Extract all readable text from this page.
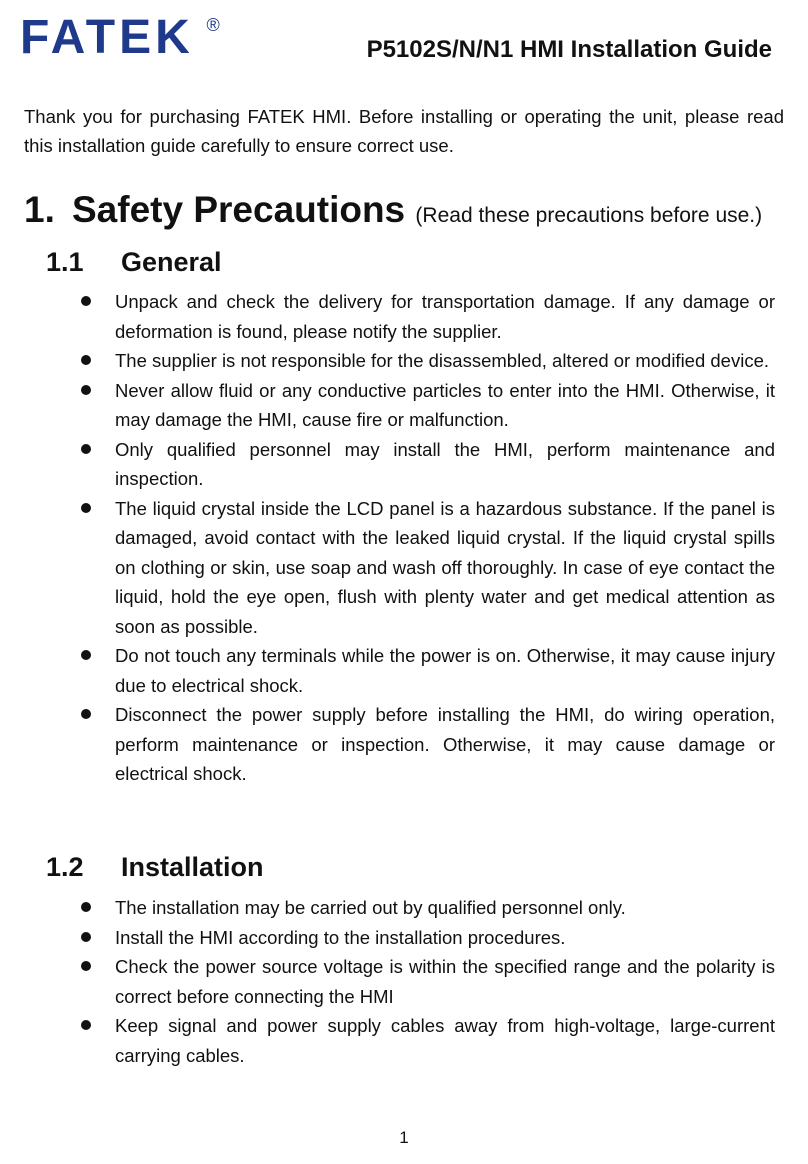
FATEK ®
P5102S/N/N1 HMI Installation Guide

Thank you for purchasing FATEK HMI. Before installing or operating the unit, please read this installation guide carefully to ensure correct use.

1. Safety Precautions (Read these precautions before use.)
1.1 General
Unpack and check the delivery for transportation damage. If any damage or deformation is found, please notify the supplier.
The supplier is not responsible for the disassembled, altered or modified device.
Never allow fluid or any conductive particles to enter into the HMI. Otherwise, it may damage the HMI, cause fire or malfunction.
Only qualified personnel may install the HMI, perform maintenance and inspection.
The liquid crystal inside the LCD panel is a hazardous substance. If the panel is damaged, avoid contact with the leaked liquid crystal. If the liquid crystal spills on clothing or skin, use soap and wash off thoroughly. In case of eye contact the liquid, hold the eye open, flush with plenty water and get medical attention as soon as possible.
Do not touch any terminals while the power is on. Otherwise, it may cause injury due to electrical shock.
Disconnect the power supply before installing the HMI, do wiring operation, perform maintenance or inspection. Otherwise, it may cause damage or electrical shock.
1.2 Installation
The installation may be carried out by qualified personnel only.
Install the HMI according to the installation procedures.
Check the power source voltage is within the specified range and the polarity is correct before connecting the HMI
Keep signal and power supply cables away from high-voltage, large-current carrying cables.
1
